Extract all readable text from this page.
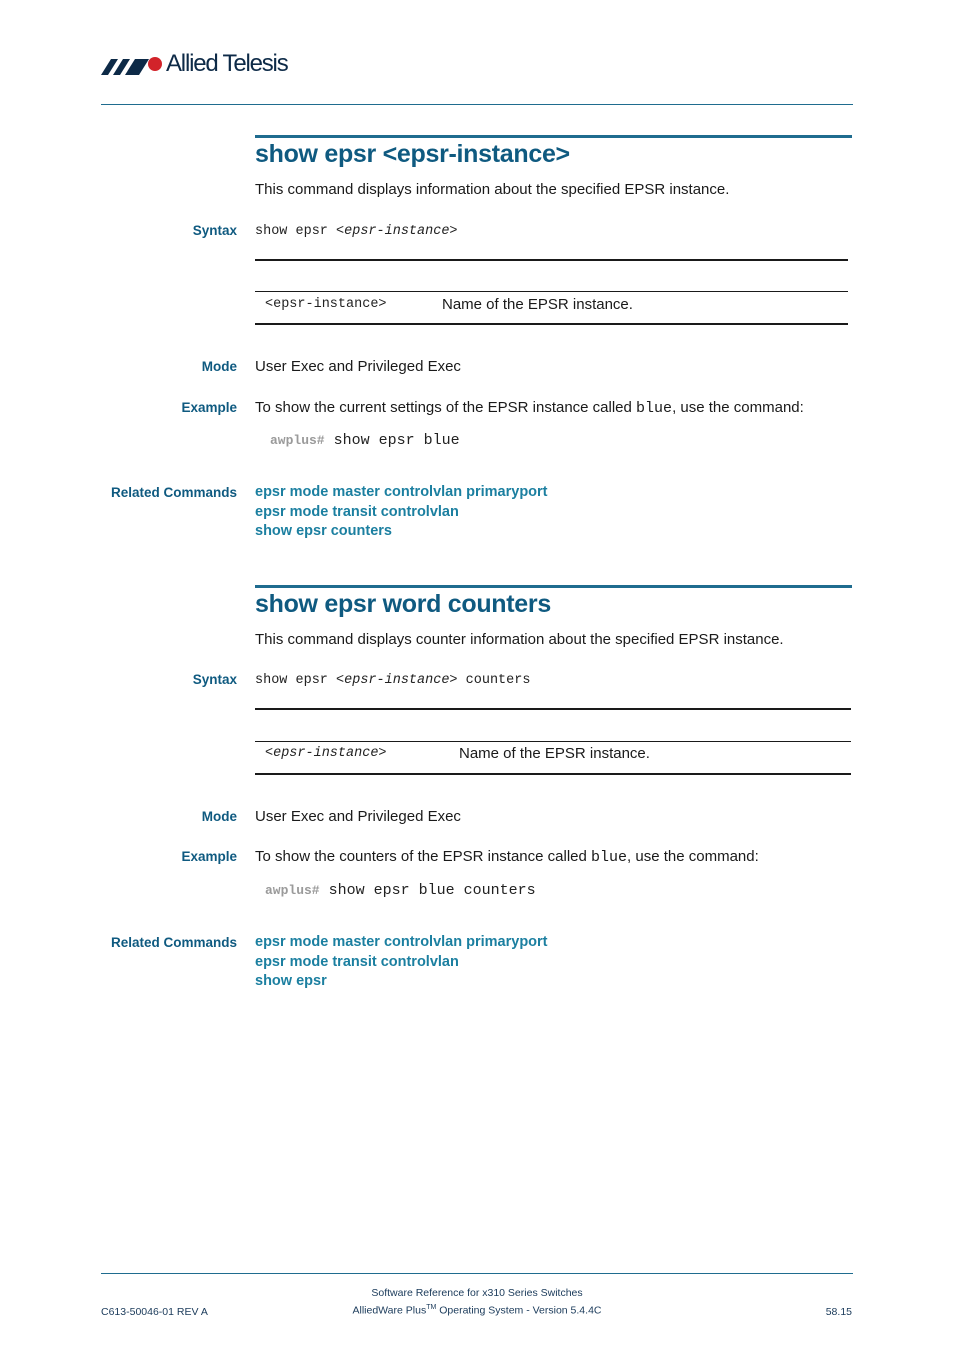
Allied Telesis
show epsr <epsr-instance>
This command displays information about the specified EPSR instance.
Syntax show epsr <epsr-instance>
<epsr-instance>	Name of the EPSR instance.
Mode User Exec and Privileged Exec
Example To show the current settings of the EPSR instance called blue, use the command:
awplus# show epsr blue
Related Commands epsr mode master controlvlan primaryport
epsr mode transit controlvlan
show epsr counters
show epsr word counters
This command displays counter information about the specified EPSR instance.
Syntax show epsr <epsr-instance> counters
<epsr-instance>	Name of the EPSR instance.
Mode User Exec and Privileged Exec
Example To show the counters of the EPSR instance called blue, use the command:
awplus# show epsr blue counters
Related Commands epsr mode master controlvlan primaryport
epsr mode transit controlvlan
show epsr
Software Reference for x310 Series Switches
AlliedWare Plus™ Operating System - Version 5.4.4C
C613-50046-01 REV A	58.15
